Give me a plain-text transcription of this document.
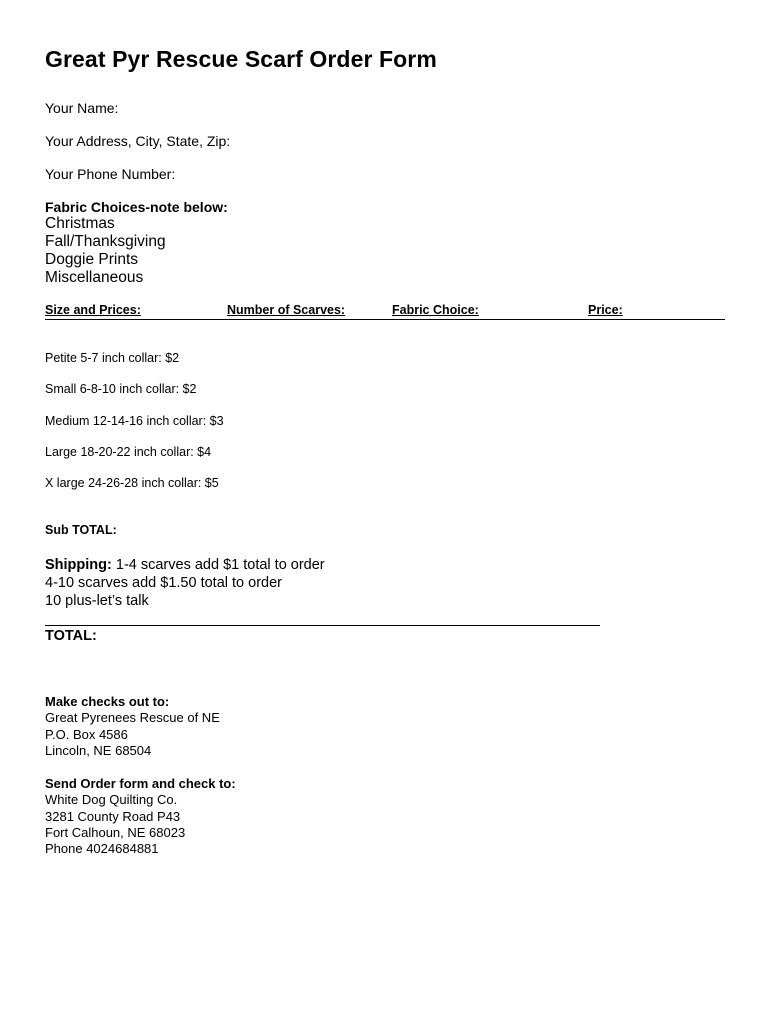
Great Pyr Rescue Scarf Order Form
Your Name:
Your Address, City, State, Zip:
Your Phone Number:
Fabric Choices-note below:
Christmas
Fall/Thanksgiving
Doggie Prints
Miscellaneous
Size and Prices:	Number of Scarves:	Fabric Choice:	Price:
Petite 5-7 inch collar: $2
Small 6-8-10 inch collar: $2
Medium 12-14-16 inch collar: $3
Large 18-20-22 inch collar: $4
X large 24-26-28 inch collar: $5
Sub TOTAL:
Shipping: 1-4 scarves add $1 total to order
4-10 scarves add $1.50 total to order
10 plus-let’s talk
TOTAL:
Make checks out to:
Great Pyrenees Rescue of NE
P.O. Box 4586
Lincoln, NE 68504
Send Order form and check to:
White Dog Quilting Co.
3281 County Road P43
Fort Calhoun, NE 68023
Phone 4024684881
